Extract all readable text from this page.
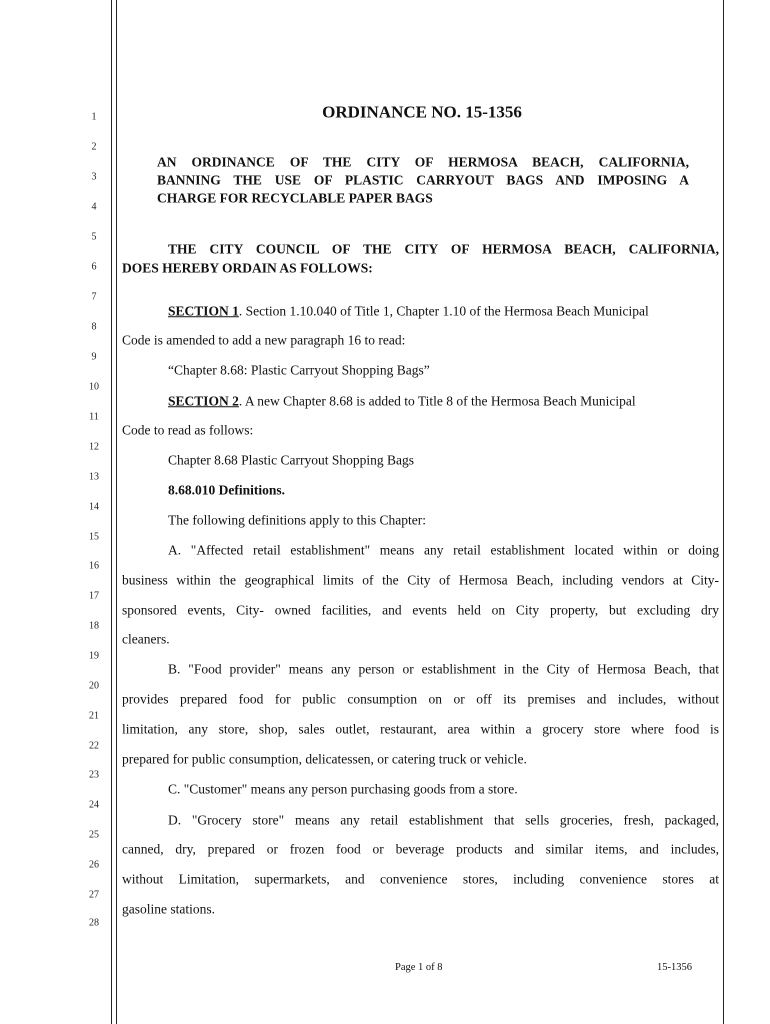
1
2
3
4
5
6
7
8
9
10
11
12
13
14
15
16
17
18
19
20
21
22
23
24
25
26
27
28
ORDINANCE NO. 15-1356
AN ORDINANCE OF THE CITY OF HERMOSA BEACH, CALIFORNIA,
BANNING THE USE OF PLASTIC CARRYOUT BAGS AND IMPOSING A
CHARGE FOR RECYCLABLE PAPER BAGS
THE CITY COUNCIL OF THE CITY OF HERMOSA BEACH, CALIFORNIA,
DOES HEREBY ORDAIN AS FOLLOWS:
SECTION 1. Section 1.10.040 of Title 1, Chapter 1.10 of the Hermosa Beach Municipal
Code is amended to add a new paragraph 16 to read:
“Chapter 8.68: Plastic Carryout Shopping Bags”
SECTION 2. A new Chapter 8.68 is added to Title 8 of the Hermosa Beach Municipal
Code to read as follows:
Chapter 8.68 Plastic Carryout Shopping Bags
8.68.010 Definitions.
The following definitions apply to this Chapter:
A. "Affected retail establishment" means any retail establishment located within or doing
business within the geographical limits of the City of Hermosa Beach, including vendors at City-
sponsored events, City- owned facilities, and events held on City property, but excluding dry
cleaners.
B. "Food provider" means any person or establishment in the City of Hermosa Beach, that
provides prepared food for public consumption on or off its premises and includes, without
limitation, any store, shop, sales outlet, restaurant, area within a grocery store where food is
prepared for public consumption, delicatessen, or catering truck or vehicle.
C. "Customer" means any person purchasing goods from a store.
D. "Grocery store" means any retail establishment that sells groceries, fresh, packaged,
canned, dry, prepared or frozen food or beverage products and similar items, and includes,
without Limitation, supermarkets, and convenience stores, including convenience stores at
gasoline stations.
Page 1 of 8	15-1356
